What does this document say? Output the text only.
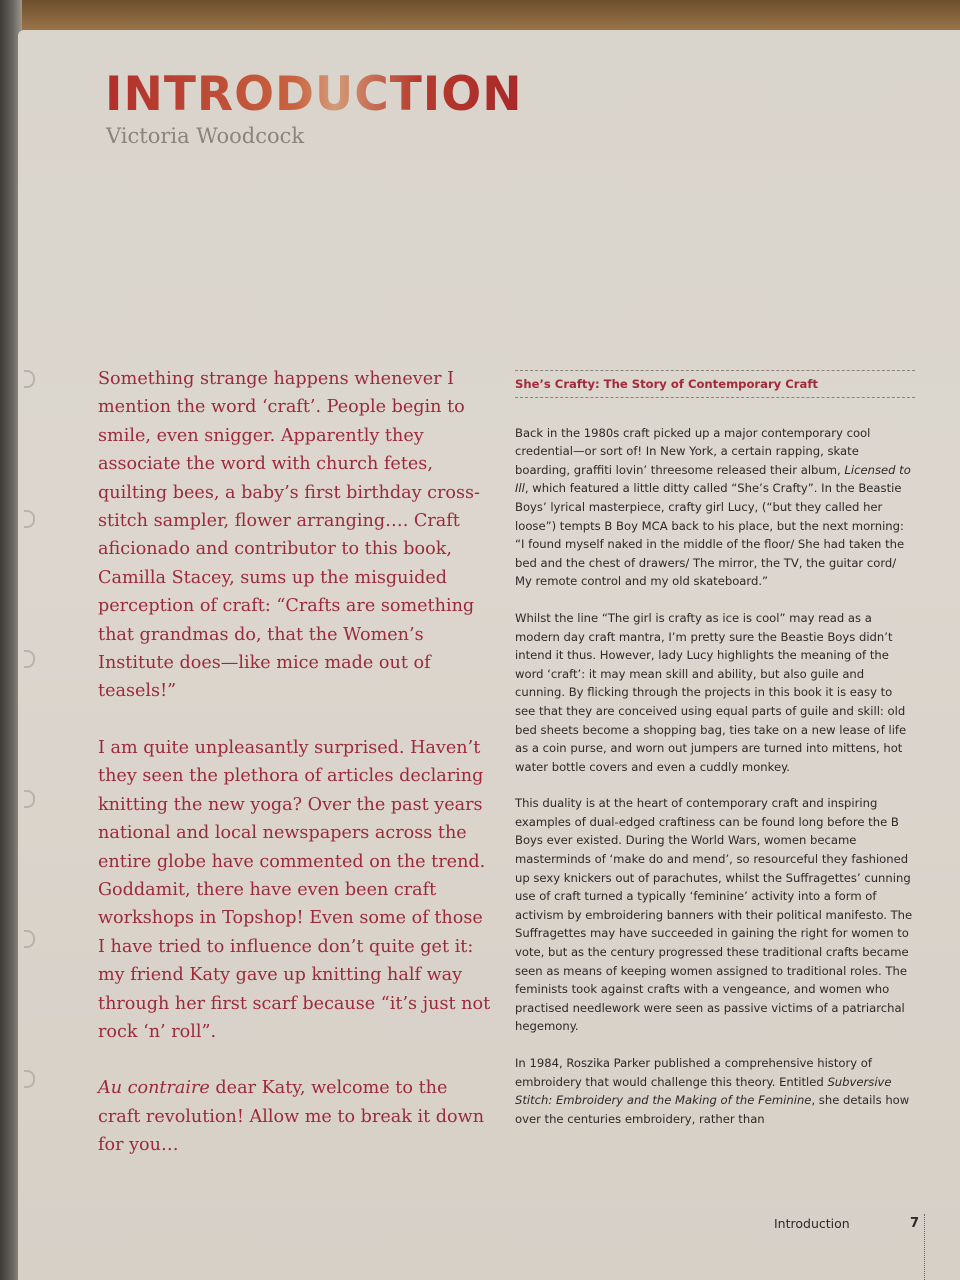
INTRODUCTION

Victoria Woodcock

Something strange happens whenever I mention the word ‘craft’. People begin to smile, even snigger. Apparently they associate the word with church fetes, quilting bees, a baby’s first birthday cross-stitch sampler, flower arranging…. Craft aficionado and contributor to this book, Camilla Stacey, sums up the misguided perception of craft: “Crafts are something that grandmas do, that the Women’s Institute does—like mice made out of teasels!”

I am quite unpleasantly surprised. Haven’t they seen the plethora of articles declaring knitting the new yoga? Over the past years national and local newspapers across the entire globe have commented on the trend. Goddamit, there have even been craft workshops in Topshop! Even some of those I have tried to influence don’t quite get it: my friend Katy gave up knitting half way through her first scarf because “it’s just not rock ‘n’ roll”.

Au contraire dear Katy, welcome to the craft revolution! Allow me to break it down for you…

She’s Crafty: The Story of Contemporary Craft

Back in the 1980s craft picked up a major contemporary cool credential—or sort of! In New York, a certain rapping, skate boarding, graffiti lovin’ threesome released their album, Licensed to Ill, which featured a little ditty called “She’s Crafty”. In the Beastie Boys’ lyrical masterpiece, crafty girl Lucy, (“but they called her loose”) tempts B Boy MCA back to his place, but the next morning: “I found myself naked in the middle of the floor/ She had taken the bed and the chest of drawers/ The mirror, the TV, the guitar cord/ My remote control and my old skateboard.”

Whilst the line “The girl is crafty as ice is cool” may read as a modern day craft mantra, I’m pretty sure the Beastie Boys didn’t intend it thus. However, lady Lucy highlights the meaning of the word ‘craft’: it may mean skill and ability, but also guile and cunning. By flicking through the projects in this book it is easy to see that they are conceived using equal parts of guile and skill: old bed sheets become a shopping bag, ties take on a new lease of life as a coin purse, and worn out jumpers are turned into mittens, hot water bottle covers and even a cuddly monkey.

This duality is at the heart of contemporary craft and inspiring examples of dual-edged craftiness can be found long before the B Boys ever existed. During the World Wars, women became masterminds of ‘make do and mend’, so resourceful they fashioned up sexy knickers out of parachutes, whilst the Suffragettes’ cunning use of craft turned a typically ‘feminine’ activity into a form of activism by embroidering banners with their political manifesto. The Suffragettes may have succeeded in gaining the right for women to vote, but as the century progressed these traditional crafts became seen as means of keeping women assigned to traditional roles. The feminists took against crafts with a vengeance, and women who practised needlework were seen as passive victims of a patriarchal hegemony.

In 1984, Roszika Parker published a comprehensive history of embroidery that would challenge this theory. Entitled Subversive Stitch: Embroidery and the Making of the Feminine, she details how over the centuries embroidery, rather than

Introduction	7
